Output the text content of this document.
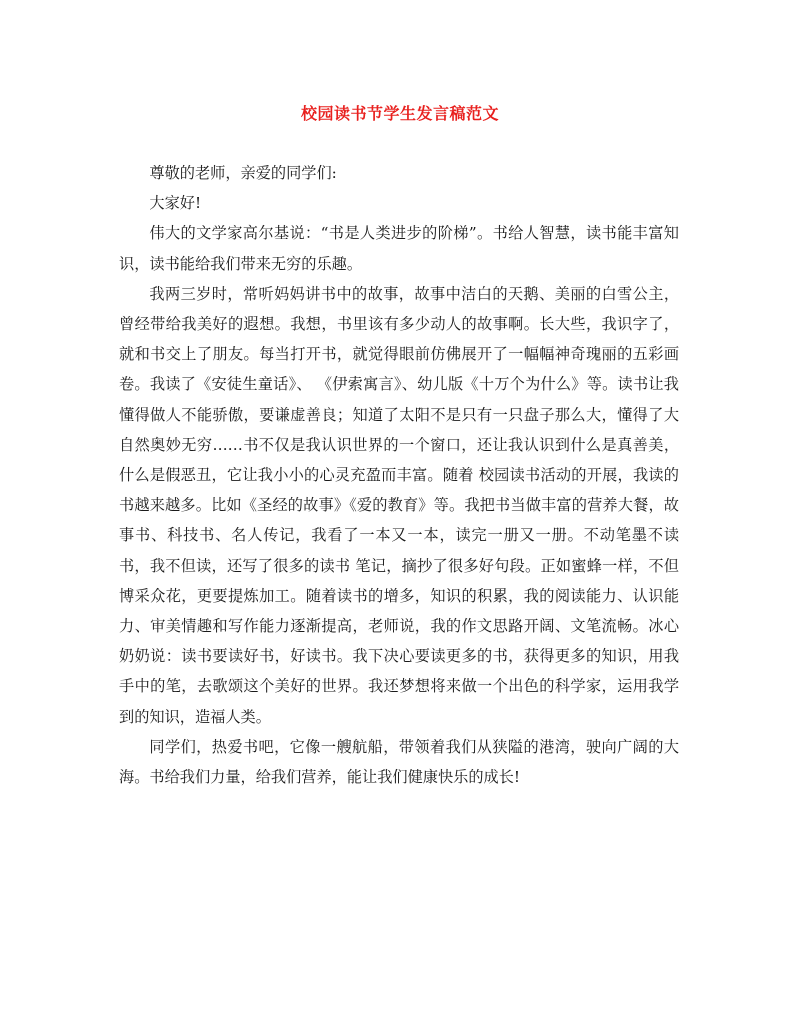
校园读书节学生发言稿范文

尊敬的老师，亲爱的同学们:

大家好!

伟大的文学家高尔基说：“书是人类进步的阶梯”。书给人智慧，读书能丰富知识，读书能给我们带来无穷的乐趣。

我两三岁时，常听妈妈讲书中的故事，故事中洁白的天鹅、美丽的白雪公主，曾经带给我美好的遐想。我想，书里该有多少动人的故事啊。长大些，我识字了，就和书交上了朋友。每当打开书，就觉得眼前仿佛展开了一幅幅神奇瑰丽的五彩画卷。我读了《安徒生童话》、 《伊索寓言》、幼儿版《十万个为什么》等。读书让我懂得做人不能骄傲，要谦虚善良；知道了太阳不是只有一只盘子那么大，懂得了大自然奥妙无穷……书不仅是我认识世界的一个窗口，还让我认识到什么是真善美，什么是假恶丑，它让我小小的心灵充盈而丰富。随着 校园读书活动的开展，我读的书越来越多。比如《圣经的故事》《爱的教育》等。我把书当做丰富的营养大餐，故事书、科技书、名人传记，我看了一本又一本，读完一册又一册。不动笔墨不读书，我不但读，还写了很多的读书 笔记，摘抄了很多好句段。正如蜜蜂一样，不但博采众花，更要提炼加工。随着读书的增多，知识的积累，我的阅读能力、认识能力、审美情趣和写作能力逐渐提高，老师说，我的作文思路开阔、文笔流畅。冰心奶奶说：读书要读好书，好读书。我下决心要读更多的书，获得更多的知识，用我手中的笔，去歌颂这个美好的世界。我还梦想将来做一个出色的科学家，运用我学到的知识，造福人类。

同学们，热爱书吧，它像一艘航船，带领着我们从狭隘的港湾，驶向广阔的大海。书给我们力量，给我们营养，能让我们健康快乐的成长!
